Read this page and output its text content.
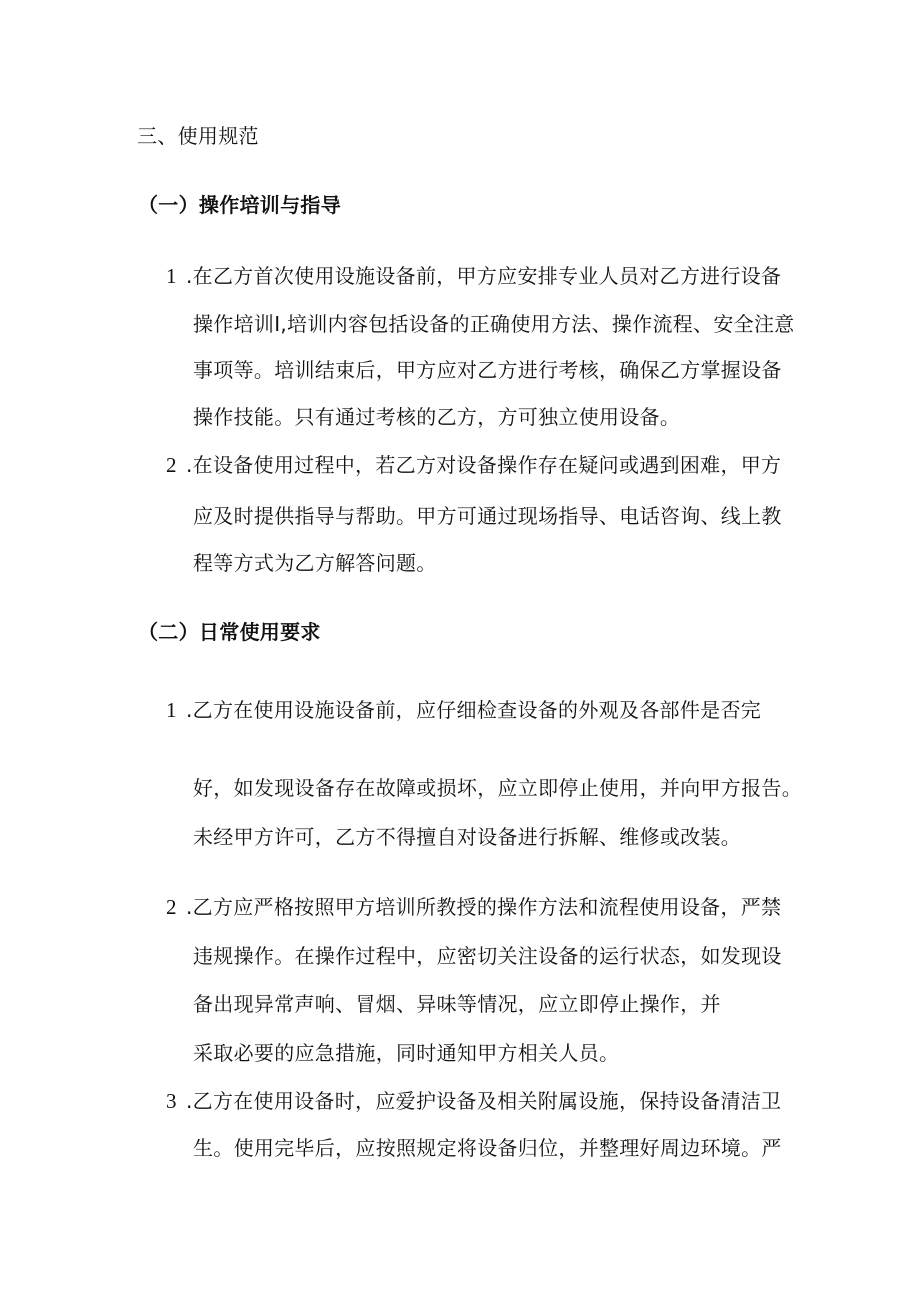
三、使用规范
（一）操作培训与指导
1 .在乙方首次使用设施设备前，甲方应安排专业人员对乙方进行设备
操作培训I,培训内容包括设备的正确使用方法、操作流程、安全注意
事项等。培训结束后，甲方应对乙方进行考核，确保乙方掌握设备
操作技能。只有通过考核的乙方，方可独立使用设备。
2 .在设备使用过程中，若乙方对设备操作存在疑问或遇到困难，甲方
应及时提供指导与帮助。甲方可通过现场指导、电话咨询、线上教
程等方式为乙方解答问题。
（二）日常使用要求
1 .乙方在使用设施设备前，应仔细检查设备的外观及各部件是否完
好，如发现设备存在故障或损坏，应立即停止使用，并向甲方报告。
未经甲方许可，乙方不得擅自对设备进行拆解、维修或改装。
2 .乙方应严格按照甲方培训所教授的操作方法和流程使用设备，严禁
违规操作。在操作过程中，应密切关注设备的运行状态，如发现设
备出现异常声响、冒烟、异味等情况，应立即停止操作，并
采取必要的应急措施，同时通知甲方相关人员。
3 .乙方在使用设备时，应爱护设备及相关附属设施，保持设备清洁卫
生。使用完毕后，应按照规定将设备归位，并整理好周边环境。严
